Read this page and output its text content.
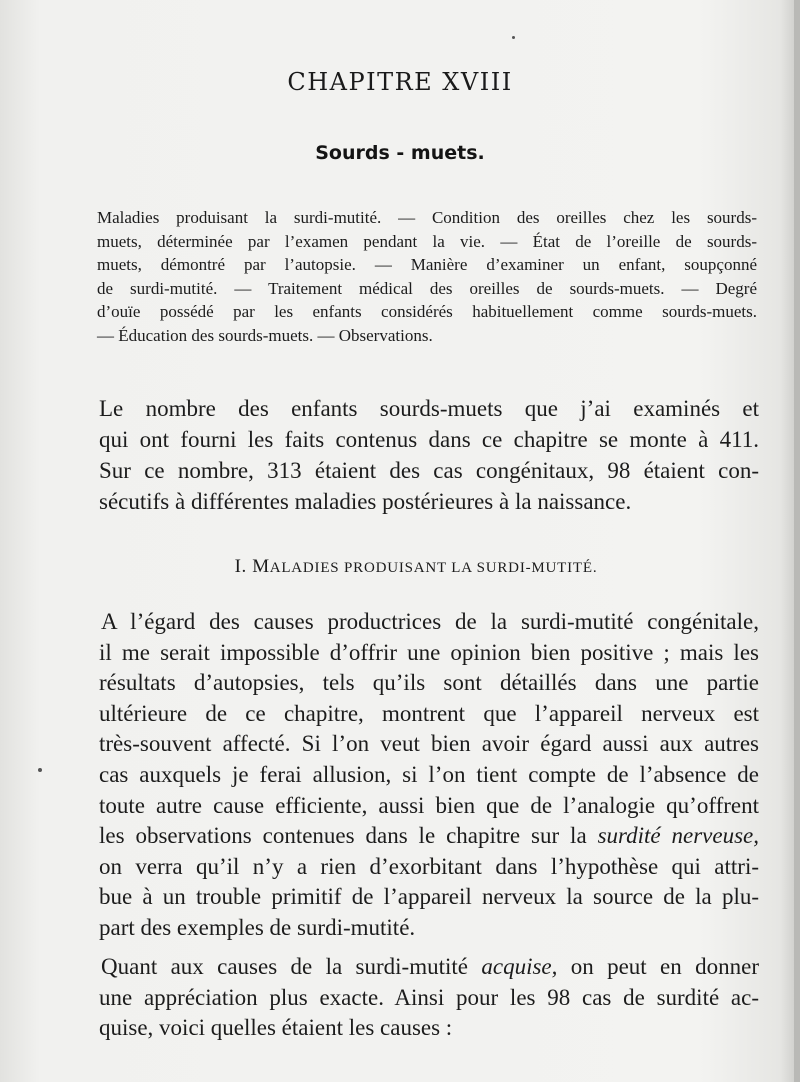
CHAPITRE XVIII
Sourds - muets.
Maladies produisant la surdi-mutité. — Condition des oreilles chez les sourds-
muets, déterminée par l’examen pendant la vie. — État de l’oreille de sourds-
muets, démontré par l’autopsie. — Manière d’examiner un enfant, soupçonné
de surdi-mutité. — Traitement médical des oreilles de sourds-muets. — Degré
d’ouïe possédé par les enfants considérés habituellement comme sourds-muets.
— Éducation des sourds-muets. — Observations.
Le nombre des enfants sourds-muets que j’ai examinés et
qui ont fourni les faits contenus dans ce chapitre se monte à 411.
Sur ce nombre, 313 étaient des cas congénitaux, 98 étaient con-
sécutifs à différentes maladies postérieures à la naissance.
I. MALADIES PRODUISANT LA SURDI-MUTITÉ.
A l’égard des causes productrices de la surdi-mutité congénitale,
il me serait impossible d’offrir une opinion bien positive ; mais les
résultats d’autopsies, tels qu’ils sont détaillés dans une partie
ultérieure de ce chapitre, montrent que l’appareil nerveux est
très-souvent affecté. Si l’on veut bien avoir égard aussi aux autres
cas auxquels je ferai allusion, si l’on tient compte de l’absence de
toute autre cause efficiente, aussi bien que de l’analogie qu’offrent
les observations contenues dans le chapitre sur la surdité nerveuse,
on verra qu’il n’y a rien d’exorbitant dans l’hypothèse qui attri-
bue à un trouble primitif de l’appareil nerveux la source de la plu-
part des exemples de surdi-mutité.
Quant aux causes de la surdi-mutité acquise, on peut en donner
une appréciation plus exacte. Ainsi pour les 98 cas de surdité ac-
quise, voici quelles étaient les causes :
